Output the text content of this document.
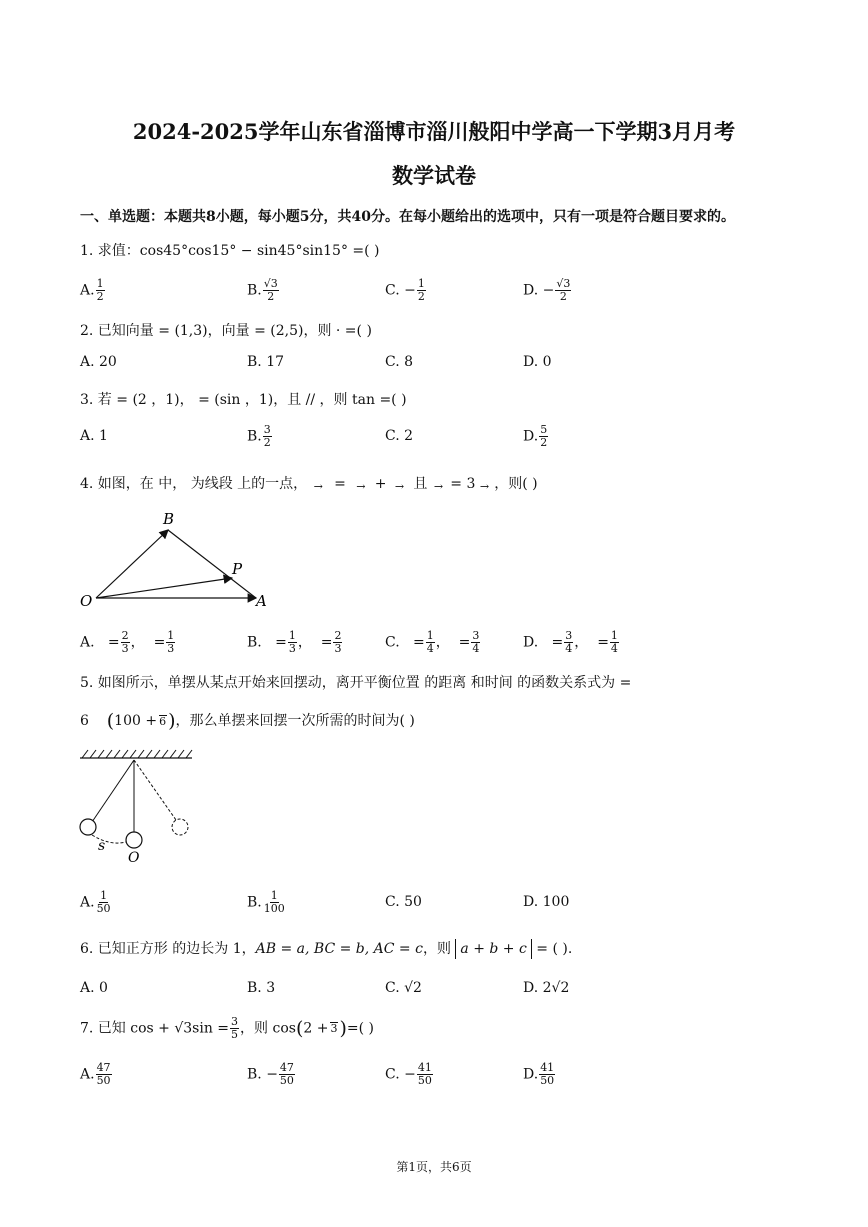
2024-2025学年山东省淄博市淄川般阳中学高一下学期3月月考
数学试卷
一、单选题：本题共8小题，每小题5分，共40分。在每小题给出的选项中，只有一项是符合题目要求的。
1. 求值：cos45°cos15° − sin45°sin15° =( )
A. $\frac{1}{2}$	B. $\frac{√3}{2}$	C. − $\frac{1}{2}$	D. − $\frac{√3}{2}$
2. 已知向量 = (1,3)，向量 = (2,5)，则 · =( )
A. 20	B. 17	C. 8	D. 0
3. 若 = (2 ，1)， = (sin ，1)，且 // ，则 tan =( )
A. 1	B. $\frac{3}{2}$	C. 2	D. $\frac{5}{2}$
4. 如图，在 中， 为线段 上的一点， → = → + → 且 → = 3 → ，则( )
B
P
O	A
A. = $\frac{2}{3}$ ，  = $\frac{1}{3}$	B. = $\frac{1}{3}$ ，  = $\frac{2}{3}$	C. = $\frac{1}{4}$ ，  = $\frac{3}{4}$	D. = $\frac{3}{4}$ ，  = $\frac{1}{4}$
5. 如图所示，单摆从某点开始来回摆动，离开平衡位置 的距离 和时间 的函数关系式为 =
6 (100 + 6 )，那么单摆来回摆一次所需的时间为( )
s
O
A. $\frac{1}{50}$	B. $\frac{1}{100}$	C. 50	D. 100
6. 已知正方形 的边长为 1，AB = a, BC = b, AC = c，则 a + b + c = ( ).
A. 0	B. 3	C. √2	D. 2√2
7. 已知 $\cos + √3\sin = \frac{3}{5}$ ，则 cos(2 + 3 )=( )
A. $\frac{47}{50}$	B. − $\frac{47}{50}$	C. − $\frac{41}{50}$	D. $\frac{41}{50}$
第1页，共6页
